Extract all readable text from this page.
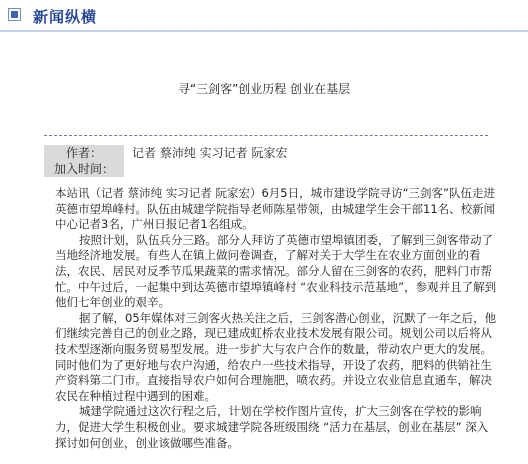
新闻纵横
寻“三剑客”创业历程 创业在基层
作者：	记者 蔡沛纯 实习记者 阮家宏
加入时间：

本站讯（记者 蔡沛纯 实习记者 阮家宏）6月5日，城市建设学院寻访“三剑客”队伍走进英德市望埠峰村。队伍由城建学院指导老师陈星带领，由城建学生会干部11名、校新闻中心记者3名，广州日报记者1名组成。

按照计划，队伍兵分三路。部分人拜访了英德市望埠镇团委，了解到三剑客带动了当地经济地发展。有些人在镇上做问卷调查，了解对关于大学生在农业方面创业的看法，农民、居民对反季节瓜果蔬菜的需求情况。部分人留在三剑客的农药，肥料门市帮忙。中午过后，一起集中到达英德市望埠镇峰村 “农业科技示范基地”，参观并且了解到他们七年创业的艰辛。

据了解，05年媒体对三剑客火热关注之后，三剑客潜心创业，沉默了一年之后，他们继续完善自己的创业之路，现已建成虹桥农业技术发展有限公司。规划公司以后将从技术型逐渐向服务贸易型发展。进一步扩大与农户合作的数量，带动农户更大的发展。同时他们为了更好地与农户沟通，给农户一些技术指导，开设了农药，肥料的供销社生产资料第二门市。直接指导农户如何合理施肥，喷农药。并设立农业信息直通车，解决农民在种植过程中遇到的困难。

城建学院通过这次行程之后，计划在学校作图片宣传，扩大三剑客在学校的影响力，促进大学生积极创业。要求城建学院各班级围绕 “活力在基层，创业在基层” 深入探讨如何创业，创业该做哪些准备。
